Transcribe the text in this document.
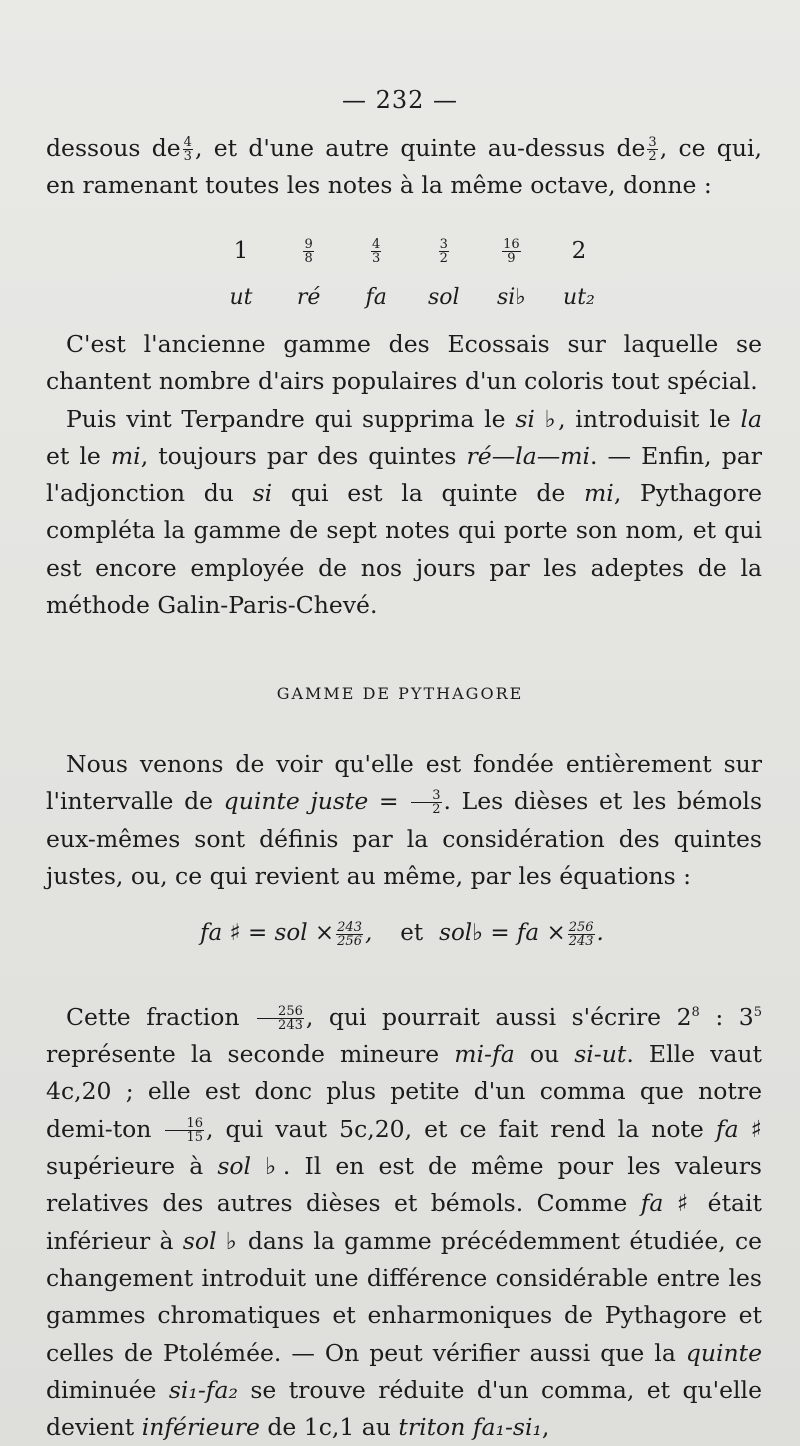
— 232 —
dessous de $\frac{4}{3}$ , et d'une autre quinte au-dessus de $\frac{3}{2}$ , ce qui,
en ramenant toutes les notes à la même octave, donne :
1	$\frac{9}{8}$	$\frac{4}{3}$	$\frac{3}{2}$	$\frac{16}{9}$	2
ut	ré	fa	sol	si♭	ut₂

C'est l'ancienne gamme des Ecossais sur laquelle se chantent nombre d'airs populaires d'un coloris tout spécial.

Puis vint Terpandre qui supprima le si ♭, introduisit le la et le mi, toujours par des quintes ré—la—mi. — Enfin, par l'adjonction du si qui est la quinte de mi, Pythagore compléta la gamme de sept notes qui porte son nom, et qui est encore employée de nos jours par les adeptes de la méthode Galin-Paris-Chevé.

GAMME DE PYTHAGORE

Nous venons de voir qu'elle est fondée entièrement sur l'intervalle de quinte juste = $\frac{3}{2}$ . Les dièses et les bémols eux-mêmes sont définis par la considération des quintes justes, ou, ce qui revient au même, par les équations :

fa ♯ = sol × $\frac{243}{256}$ , et sol♭ = fa × $\frac{256}{243}$ .

Cette fraction $\frac{256}{243}$ , qui pourrait aussi s'écrire $2^8$ : $3^5$ représente la seconde mineure mi-fa ou si-ut. Elle vaut 4c,20 ; elle est donc plus petite d'un comma que notre demi-ton $\frac{16}{15}$ , qui vaut 5c,20, et ce fait rend la note fa ♯ supérieure à sol ♭. Il en est de même pour les valeurs relatives des autres dièses et bémols. Comme fa ♯ était inférieur à sol ♭ dans la gamme précédemment étudiée, ce changement introduit une différence considérable entre les gammes chromatiques et enharmoniques de Pythagore et celles de Ptolémée. — On peut vérifier aussi que la quinte diminuée si₁-fa₂ se trouve réduite d'un comma, et qu'elle devient inférieure de 1c,1 au triton fa₁-si₁,
